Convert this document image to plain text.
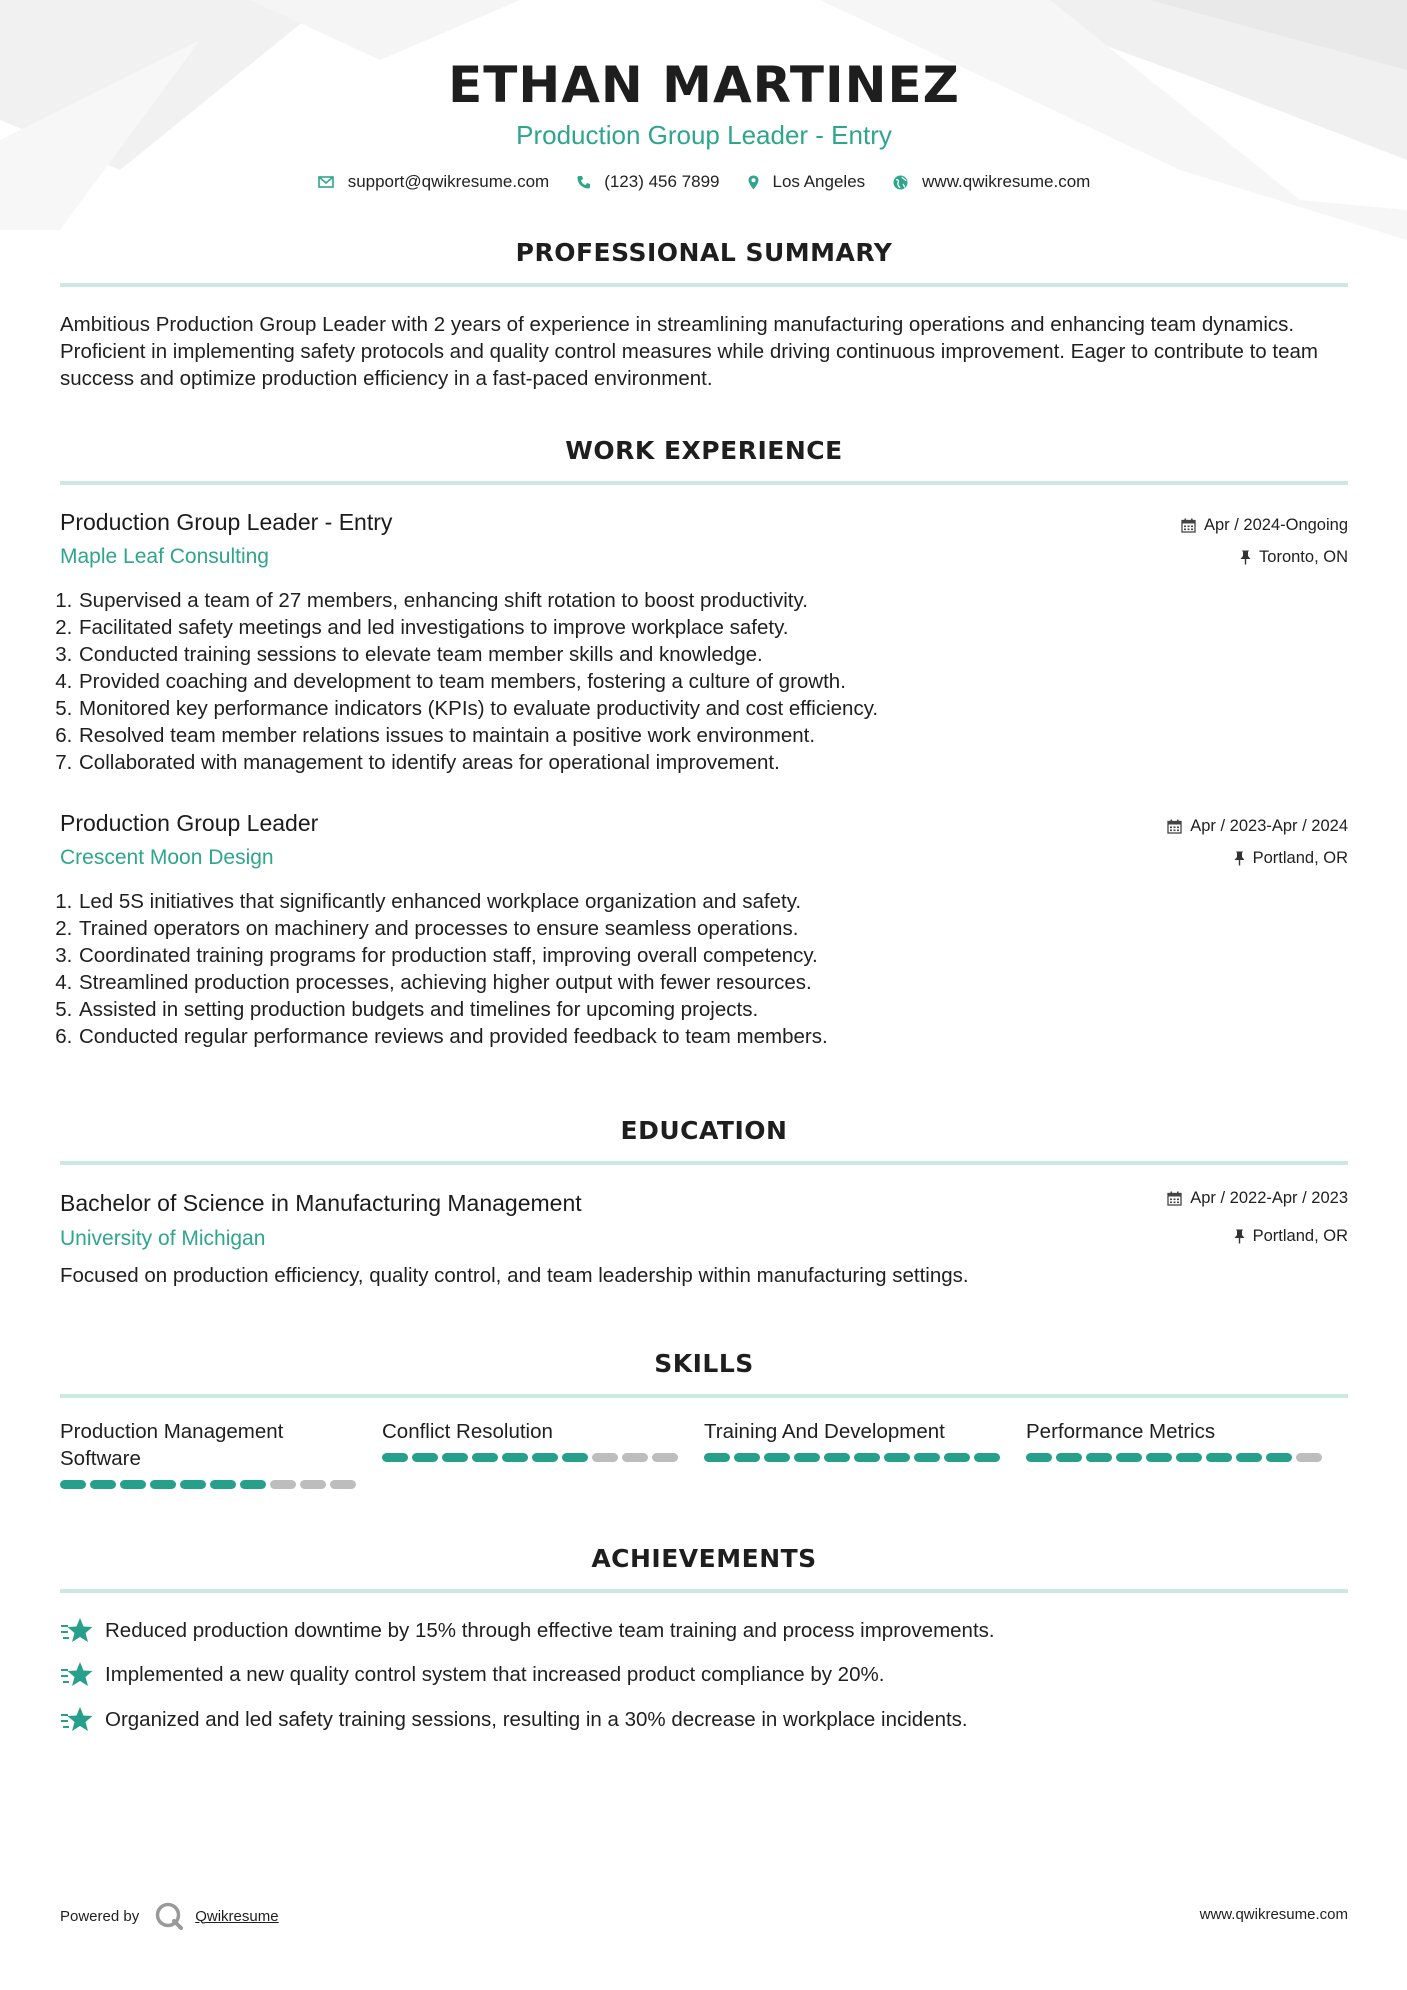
ETHAN MARTINEZ
Production Group Leader - Entry
support@qwikresume.com	(123) 456 7899	Los Angeles	www.qwikresume.com
PROFESSIONAL SUMMARY
Ambitious Production Group Leader with 2 years of experience in streamlining manufacturing operations and enhancing team dynamics. Proficient in implementing safety protocols and quality control measures while driving continuous improvement. Eager to contribute to team success and optimize production efficiency in a fast-paced environment.
WORK EXPERIENCE
Production Group Leader - Entry
Maple Leaf Consulting
Apr / 2024-Ongoing
Toronto, ON
1. Supervised a team of 27 members, enhancing shift rotation to boost productivity.
2. Facilitated safety meetings and led investigations to improve workplace safety.
3. Conducted training sessions to elevate team member skills and knowledge.
4. Provided coaching and development to team members, fostering a culture of growth.
5. Monitored key performance indicators (KPIs) to evaluate productivity and cost efficiency.
6. Resolved team member relations issues to maintain a positive work environment.
7. Collaborated with management to identify areas for operational improvement.
Production Group Leader
Crescent Moon Design
Apr / 2023-Apr / 2024
Portland, OR
1. Led 5S initiatives that significantly enhanced workplace organization and safety.
2. Trained operators on machinery and processes to ensure seamless operations.
3. Coordinated training programs for production staff, improving overall competency.
4. Streamlined production processes, achieving higher output with fewer resources.
5. Assisted in setting production budgets and timelines for upcoming projects.
6. Conducted regular performance reviews and provided feedback to team members.
EDUCATION
Bachelor of Science in Manufacturing Management
University of Michigan
Apr / 2022-Apr / 2023
Portland, OR
Focused on production efficiency, quality control, and team leadership within manufacturing settings.
SKILLS
Production Management Software
Conflict Resolution	Training And Development	Performance Metrics
ACHIEVEMENTS
Reduced production downtime by 15% through effective team training and process improvements.
Implemented a new quality control system that increased product compliance by 20%.
Organized and led safety training sessions, resulting in a 30% decrease in workplace incidents.
Powered by	Qwikresume	www.qwikresume.com
